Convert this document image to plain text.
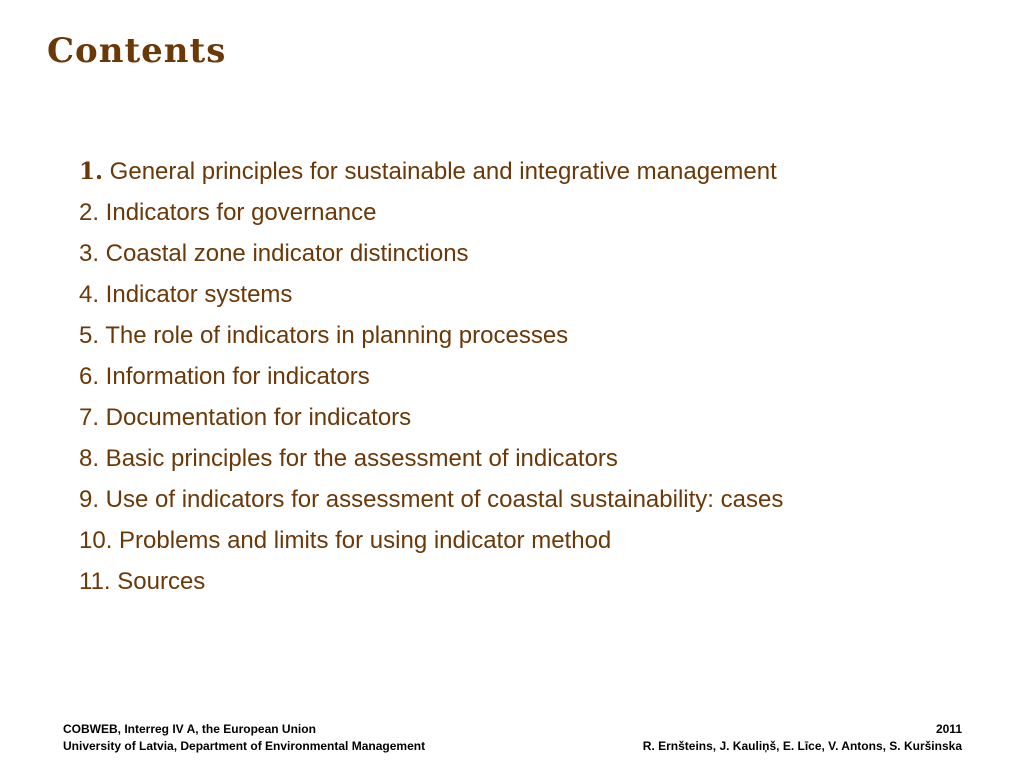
Contents
1. General principles for sustainable and integrative management
2. Indicators for governance
3. Coastal zone indicator distinctions
4. Indicator systems
5. The role of indicators in planning processes
6. Information for indicators
7. Documentation for indicators
8. Basic principles for the assessment of indicators
9. Use of indicators for assessment of coastal sustainability: cases
10. Problems and limits for using indicator method
11. Sources
COBWEB, Interreg IV A, the European Union
University of Latvia, Department of Environmental Management
2011
R. Ernšteins, J. Kauliņš, E. Līce, V. Antons, S. Kuršinska
